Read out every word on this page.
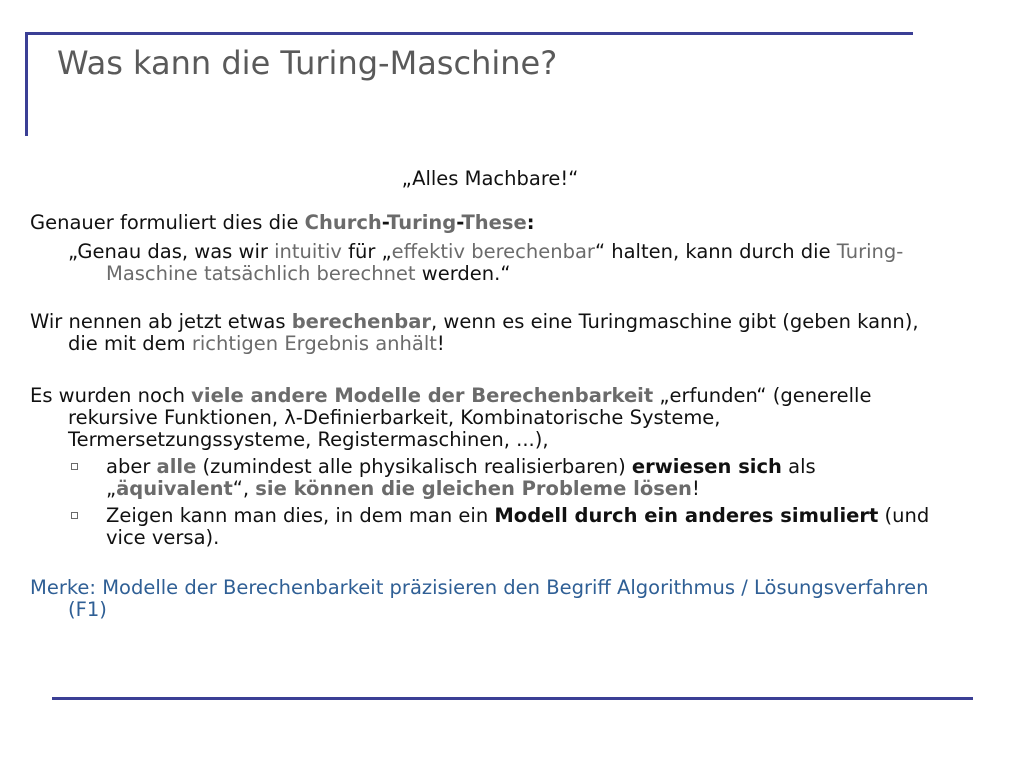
Was kann die Turing-Maschine?

„Alles Machbare!“

Genauer formuliert dies die Church-Turing-These:

„Genau das, was wir intuitiv für „effektiv berechenbar“ halten, kann durch die Turing-Maschine tatsächlich berechnet werden.“

Wir nennen ab jetzt etwas berechenbar, wenn es eine Turingmaschine gibt (geben kann), die mit dem richtigen Ergebnis anhält!

Es wurden noch viele andere Modelle der Berechenbarkeit „erfunden“ (generelle rekursive Funktionen, λ-Definierbarkeit, Kombinatorische Systeme, Termersetzungssysteme, Registermaschinen, ...),

aber alle (zumindest alle physikalisch realisierbaren) erwiesen sich als „äquivalent“, sie können die gleichen Probleme lösen!

Zeigen kann man dies, in dem man ein Modell durch ein anderes simuliert (und vice versa).

Merke: Modelle der Berechenbarkeit präzisieren den Begriff Algorithmus / Lösungsverfahren (F1)
